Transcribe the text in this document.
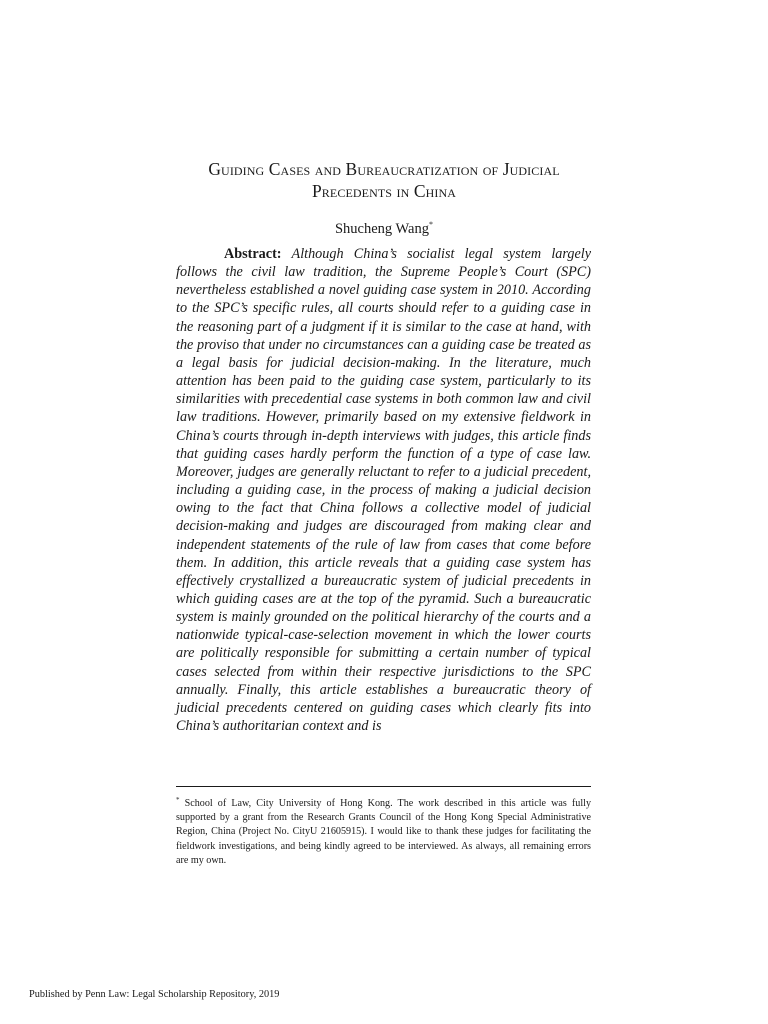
Guiding Cases and Bureaucratization of Judicial Precedents in China
Shucheng Wang*

Abstract: Although China’s socialist legal system largely follows the civil law tradition, the Supreme People’s Court (SPC) nevertheless established a novel guiding case system in 2010. According to the SPC’s specific rules, all courts should refer to a guiding case in the reasoning part of a judgment if it is similar to the case at hand, with the proviso that under no circumstances can a guiding case be treated as a legal basis for judicial decision-making. In the literature, much attention has been paid to the guiding case system, particularly to its similarities with precedential case systems in both common law and civil law traditions. However, primarily based on my extensive fieldwork in China’s courts through in-depth interviews with judges, this article finds that guiding cases hardly perform the function of a type of case law. Moreover, judges are generally reluctant to refer to a judicial precedent, including a guiding case, in the process of making a judicial decision owing to the fact that China follows a collective model of judicial decision-making and judges are discouraged from making clear and independent statements of the rule of law from cases that come before them. In addition, this article reveals that a guiding case system has effectively crystallized a bureaucratic system of judicial precedents in which guiding cases are at the top of the pyramid. Such a bureaucratic system is mainly grounded on the political hierarchy of the courts and a nationwide typical-case-selection movement in which the lower courts are politically responsible for submitting a certain number of typical cases selected from within their respective jurisdictions to the SPC annually. Finally, this article establishes a bureaucratic theory of judicial precedents centered on guiding cases which clearly fits into China’s authoritarian context and is

* School of Law, City University of Hong Kong. The work described in this article was fully supported by a grant from the Research Grants Council of the Hong Kong Special Administrative Region, China (Project No. CityU 21605915). I would like to thank these judges for facilitating the fieldwork investigations, and being kindly agreed to be interviewed. As always, all remaining errors are my own.

Published by Penn Law: Legal Scholarship Repository, 2019
